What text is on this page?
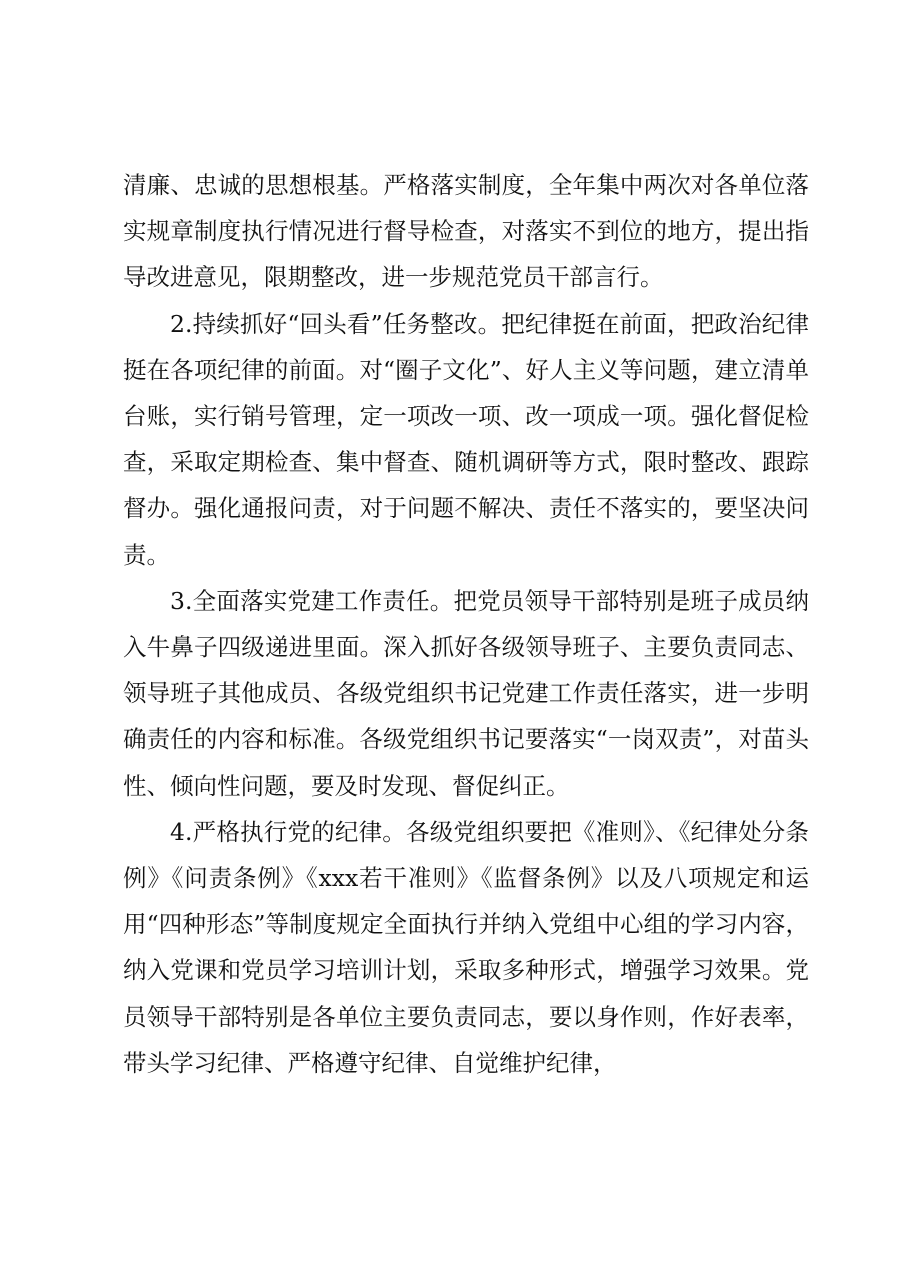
清廉、忠诚的思想根基。严格落实制度，全年集中两次对各单位落实规章制度执行情况进行督导检查，对落实不到位的地方，提出指导改进意见，限期整改，进一步规范党员干部言行。

2.持续抓好“回头看”任务整改。把纪律挺在前面，把政治纪律挺在各项纪律的前面。对“圈子文化”、好人主义等问题，建立清单台账，实行销号管理，定一项改一项、改一项成一项。强化督促检查，采取定期检查、集中督查、随机调研等方式，限时整改、跟踪督办。强化通报问责，对于问题不解决、责任不落实的，要坚决问责。

3.全面落实党建工作责任。把党员领导干部特别是班子成员纳入牛鼻子四级递进里面。深入抓好各级领导班子、主要负责同志、领导班子其他成员、各级党组织书记党建工作责任落实，进一步明确责任的内容和标准。各级党组织书记要落实“一岗双责”，对苗头性、倾向性问题，要及时发现、督促纠正。

4.严格执行党的纪律。各级党组织要把《准则》、《纪律处分条例》《问责条例》《xxx若干准则》《监督条例》以及八项规定和运用“四种形态”等制度规定全面执行并纳入党组中心组的学习内容，纳入党课和党员学习培训计划，采取多种形式，增强学习效果。党员领导干部特别是各单位主要负责同志，要以身作则，作好表率，带头学习纪律、严格遵守纪律、自觉维护纪律，
